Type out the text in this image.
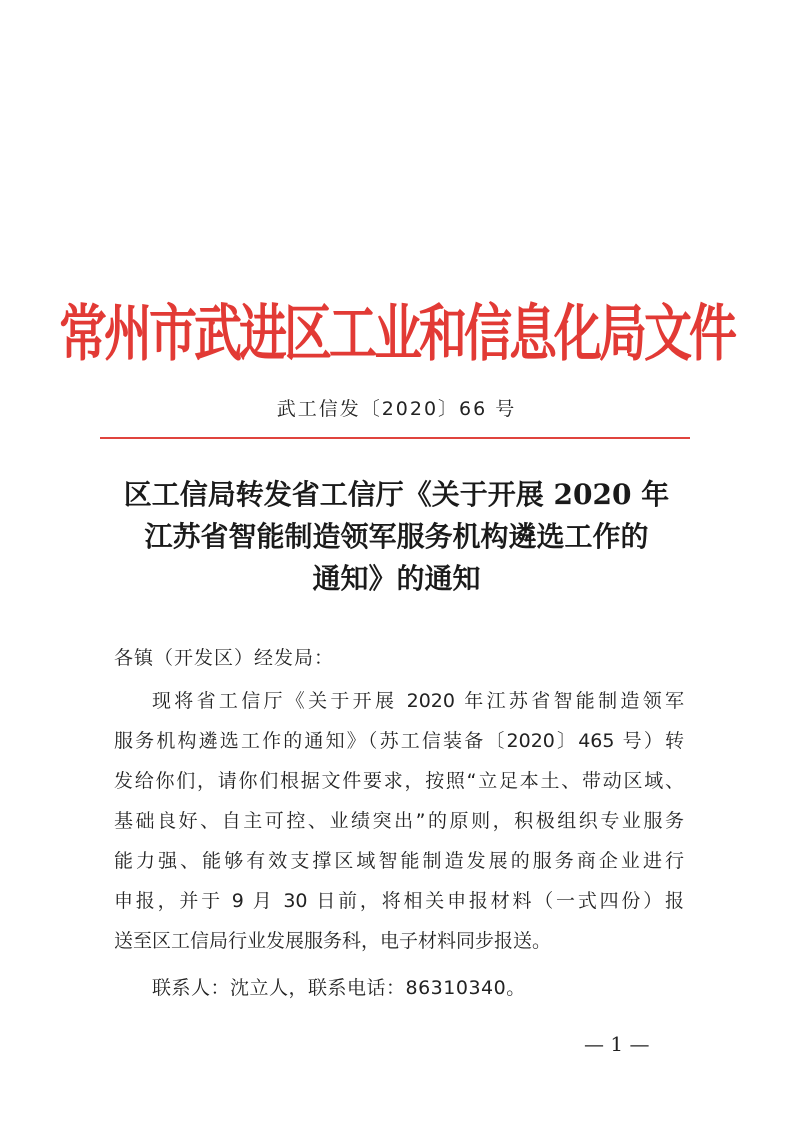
常州市武进区工业和信息化局文件
武工信发〔2020〕66 号
区工信局转发省工信厅《关于开展 2020 年
江苏省智能制造领军服务机构遴选工作的
通知》的通知
各镇（开发区）经发局：
现将省工信厅《关于开展 2020 年江苏省智能制造领军
服务机构遴选工作的通知》（苏工信装备〔2020〕465 号）转
发给你们，请你们根据文件要求，按照“立足本土、带动区域、
基础良好、自主可控、业绩突出”的原则，积极组织专业服务
能力强、能够有效支撑区域智能制造发展的服务商企业进行
申报，并于 9 月 30 日前，将相关申报材料（一式四份）报
送至区工信局行业发展服务科，电子材料同步报送。
联系人：沈立人，联系电话：86310340。
— 1 —
